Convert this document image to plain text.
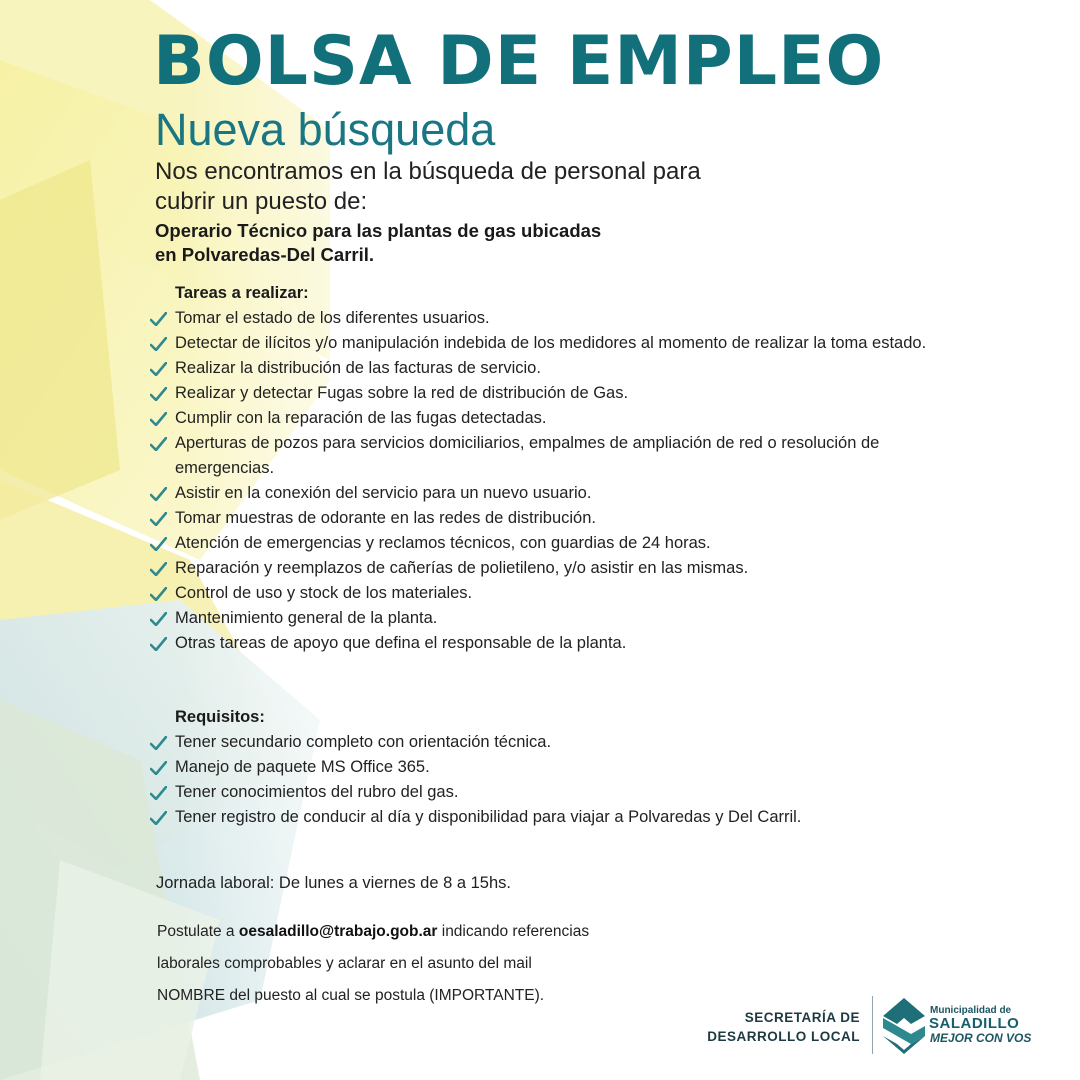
BOLSA DE EMPLEO
Nueva búsqueda
Nos encontramos en la búsqueda de personal para
cubrir un puesto de:
Operario Técnico para las plantas de gas ubicadas
en Polvaredas-Del Carril.
Tareas a realizar:
Tomar el estado de los diferentes usuarios.
Detectar de ilícitos y/o manipulación indebida de los medidores al momento de realizar la toma estado.
Realizar la distribución de las facturas de servicio.
Realizar y detectar Fugas sobre la red de distribución de Gas.
Cumplir con la reparación de las fugas detectadas.
Aperturas de pozos para servicios domiciliarios, empalmes de ampliación de red o resolución de emergencias.
Asistir en la conexión del servicio para un nuevo usuario.
Tomar muestras de odorante en las redes de distribución.
Atención de emergencias y reclamos técnicos, con guardias de 24 horas.
Reparación y reemplazos de cañerías de polietileno, y/o asistir en las mismas.
Control de uso y stock de los materiales.
Mantenimiento general de la planta.
Otras tareas de apoyo que defina el responsable de la planta.
Requisitos:
Tener secundario completo con orientación técnica.
Manejo de paquete MS Office 365.
Tener conocimientos del rubro del gas.
Tener registro de conducir al día y disponibilidad para viajar a Polvaredas y Del Carril.
Jornada laboral: De lunes a viernes de 8 a 15hs.
Postulate a oesaladillo@trabajo.gob.ar indicando referencias
laborales comprobables y aclarar en el asunto del mail
NOMBRE del puesto al cual se postula (IMPORTANTE).
SECRETARÍA DE
DESARROLLO LOCAL
Municipalidad de
SALADILLO
MEJOR CON VOS
